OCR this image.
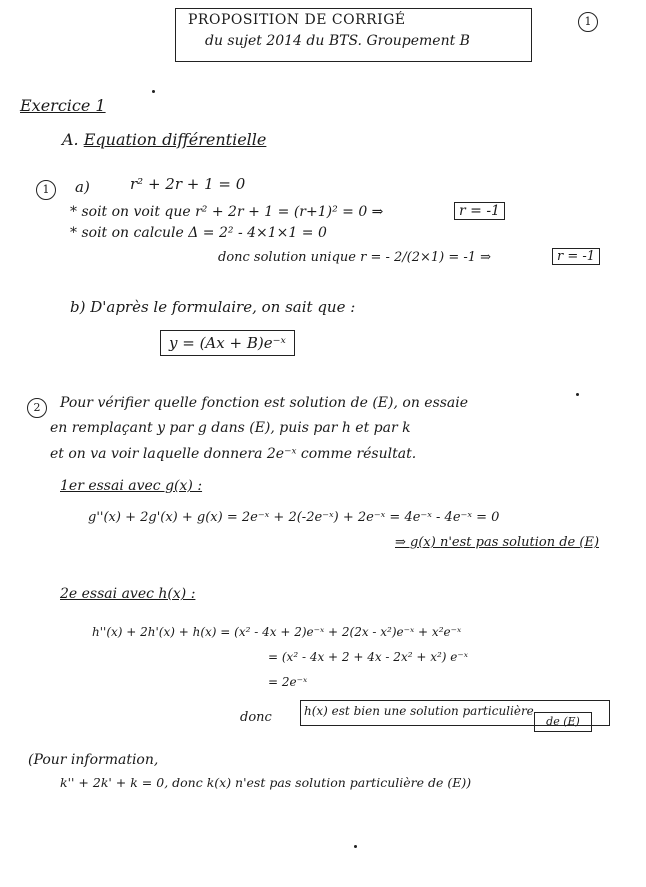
PROPOSITION DE CORRIGÉ
du sujet 2014 du BTS. Groupement B
1
Exercice 1
A. Equation différentielle
1	a)	r² + 2r + 1 = 0
* soit on voit que r² + 2r + 1 = (r+1)² = 0 ⇒	r = -1
* soit on calcule Δ = 2² - 4×1×1 = 0
donc solution unique r = - 2/(2×1) = -1 ⇒	r = -1
b) D'après le formulaire, on sait que :
y = (Ax + B)e⁻ˣ
2	Pour vérifier quelle fonction est solution de (E), on essaie
en remplaçant y par g dans (E), puis par h et par k
et on va voir laquelle donnera 2e⁻ˣ comme résultat.
1er essai avec g(x) :
g''(x) + 2g'(x) + g(x) = 2e⁻ˣ + 2(-2e⁻ˣ) + 2e⁻ˣ = 4e⁻ˣ - 4e⁻ˣ = 0
⇒ g(x) n'est pas solution de (E)
2e essai avec h(x) :
h''(x) + 2h'(x) + h(x) = (x² - 4x + 2)e⁻ˣ + 2(2x - x²)e⁻ˣ + x²e⁻ˣ
= (x² - 4x + 2 + 4x - 2x² + x²) e⁻ˣ
= 2e⁻ˣ
donc	h(x) est bien une solution particulière
de (E)
(Pour information,
k'' + 2k' + k = 0, donc k(x) n'est pas solution particulière de (E))
